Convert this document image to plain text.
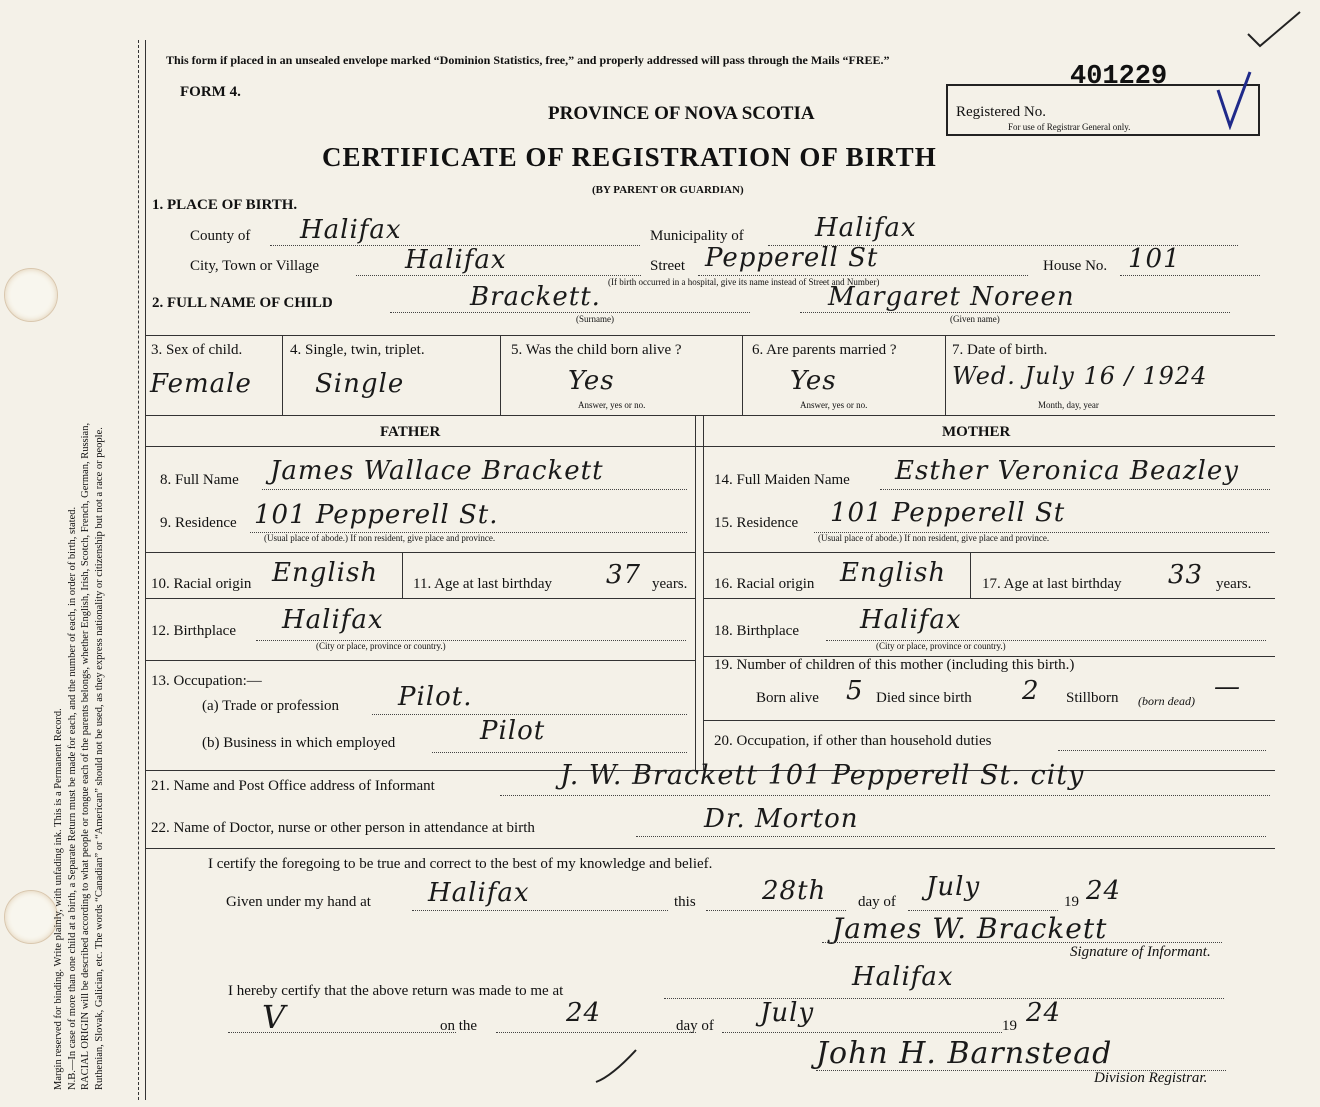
Margin reserved for binding. Write plainly, with unfading ink. This is a Permanent Record. N.B.—In case of more than one child at a birth, a Separate Return must be made for each, and the number of each, in order of birth, stated. RACIAL ORIGIN will be described according to what people or tongue each of the parents belongs, whether English, Irish, Scotch, French, German, Russian, Ruthenian, Slovak, Galician, etc. The words “Canadian” or “American” should not be used, as they express nationality or citizenship but not a race or people.
This form if placed in an unsealed envelope marked “Dominion Statistics, free,” and properly addressed will pass through the Mails “FREE.”
FORM 4.
PROVINCE OF NOVA SCOTIA
CERTIFICATE OF REGISTRATION OF BIRTH
(BY PARENT OR GUARDIAN)
Registered No.
For use of Registrar General only.
401229
1. PLACE OF BIRTH.
County of Halifax	Municipality of	Halifax
City, Town or Village	Halifax	Street Pepperell St
(If birth occurred in a hospital, give its name instead of Street and Number)
House No. 101
2. FULL NAME OF CHILD	Brackett.
(Surname)
Margaret Noreen
(Given name)
3. Sex of child.
Female
4. Single, twin, triplet.
Single
5. Was the child born alive ?
Yes
Answer, yes or no.
6. Are parents married ?
Yes
Answer, yes or no.
7. Date of birth.
Wed. July 16 / 1924
Month, day, year
FATHER	MOTHER
8. Full Name James Wallace Brackett
9. Residence 101 Pepperell St.
(Usual place of abode.) If non resident, give place and province.
10. Racial origin English 11. Age at last birthday 37 years.
12. Birthplace Halifax
(City or place, province or country.)
13. Occupation:—
(a) Trade or profession Pilot.
(b) Business in which employed	Pilot
14. Full Maiden Name Esther Veronica Beazley
15. Residence 101 Pepperell St
(Usual place of abode.) If non resident, give place and province.
16. Racial origin English 17. Age at last birthday 33 years.
18. Birthplace Halifax
(City or place, province or country.)
19. Number of children of this mother (including this birth.)
Born alive 5 Died since birth 2 Stillborn (born dead) —
20. Occupation, if other than household duties
21. Name and Post Office address of Informant	J. W. Brackett 101 Pepperell St. city
22. Name of Doctor, nurse or other person in attendance at birth	Dr. Morton
I certify the foregoing to be true and correct to the best of my knowledge and belief.
Given under my hand at Halifax	this	28th day of July	19 24
James W. Brackett
Signature of Informant.
I hereby certify that the above return was made to me at	Halifax
V	on the	24	day of July	19 24
John H. Barnstead
Division Registrar.
